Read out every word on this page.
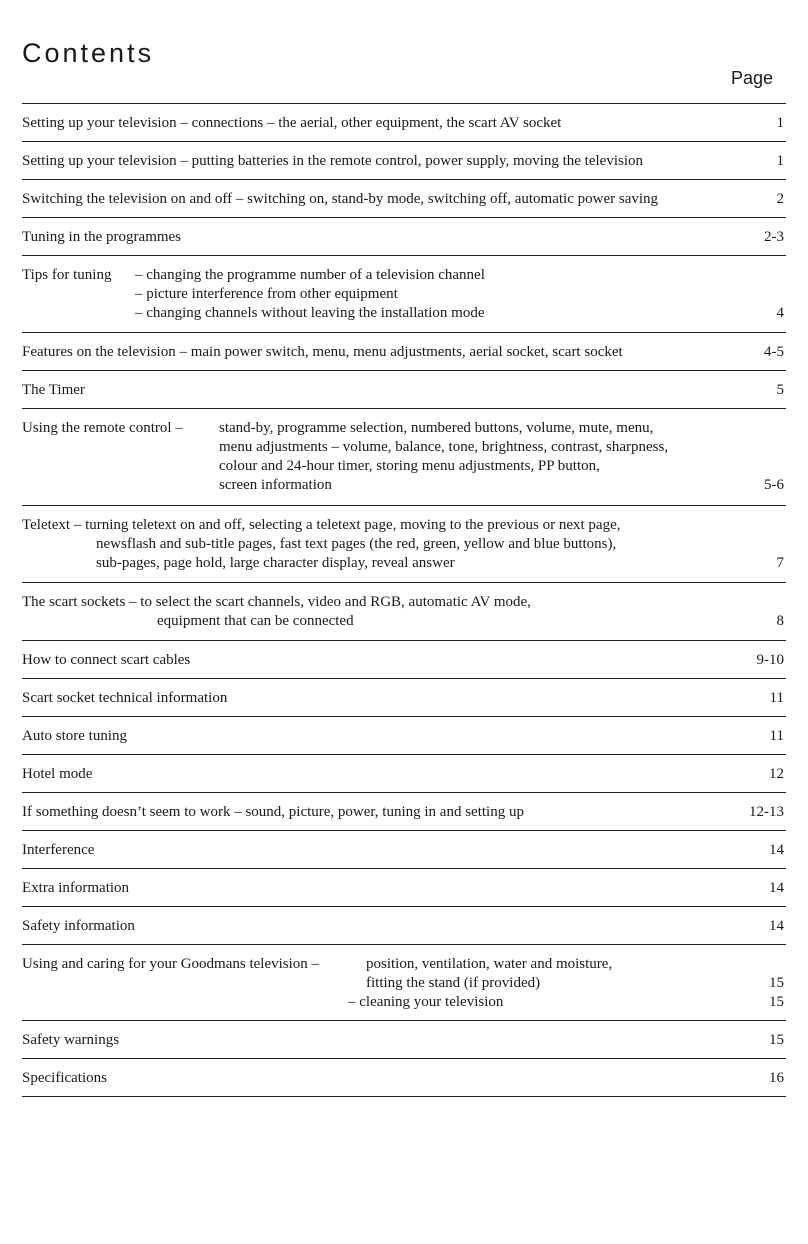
Contents
Page
Setting up your television – connections – the aerial, other equipment, the scart AV socket	1
Setting up your television – putting batteries in the remote control, power supply, moving the television	1
Switching the television on and off – switching on, stand-by mode, switching off, automatic power saving	2
Tuning in the programmes	2-3
Tips for tuning – changing the programme number of a television channel
– picture interference from other equipment
– changing channels without leaving the installation mode	4
Features on the television – main power switch, menu, menu adjustments, aerial socket, scart socket	4-5
The Timer	5
Using the remote control – stand-by, programme selection, numbered buttons, volume, mute, menu,
menu adjustments – volume, balance, tone, brightness, contrast, sharpness,
colour and 24-hour timer, storing menu adjustments, PP button,
screen information	5-6
Teletext – turning teletext on and off, selecting a teletext page, moving to the previous or next page,
newsflash and sub-title pages, fast text pages (the red, green, yellow and blue buttons),
sub-pages, page hold, large character display, reveal answer	7
The scart sockets – to select the scart channels, video and RGB, automatic AV mode,
equipment that can be connected	8
How to connect scart cables	9-10
Scart socket technical information	11
Auto store tuning	11
Hotel mode	12
If something doesn’t seem to work – sound, picture, power, tuning in and setting up	12-13
Interference	14
Extra information	14
Safety information	14
Using and caring for your Goodmans television –	position, ventilation, water and moisture,
fitting the stand (if provided)	15
– cleaning your television	15
Safety warnings	15
Specifications	16
